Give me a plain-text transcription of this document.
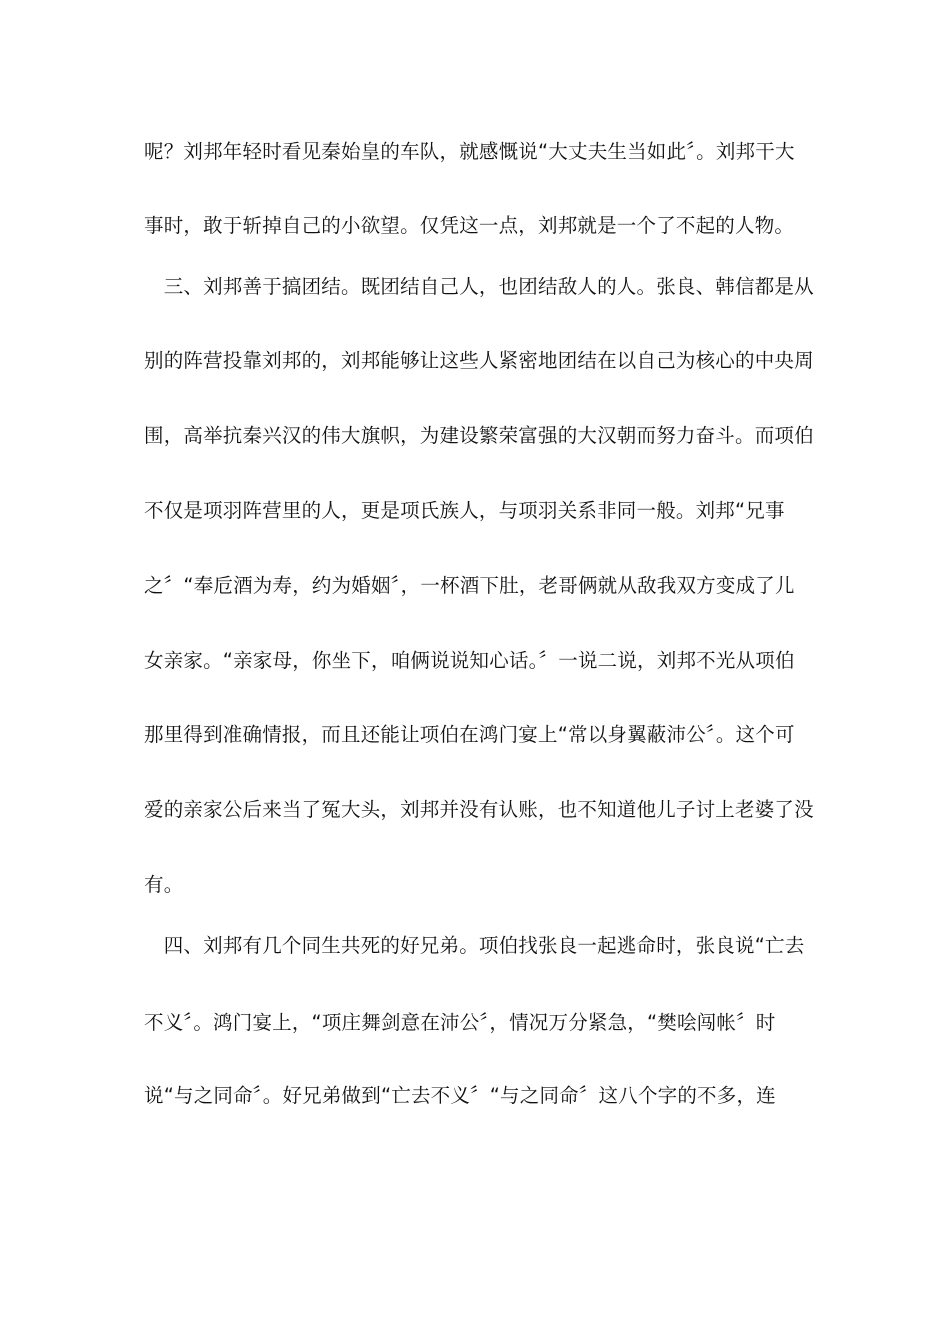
呢？刘邦年轻时看见秦始皇的车队，就感慨说“大丈夫生当如此〞。刘邦干大
事时，敢于斩掉自己的小欲望。仅凭这一点，刘邦就是一个了不起的人物。
　三、刘邦善于搞团结。既团结自己人，也团结敌人的人。张良、韩信都是从
别的阵营投靠刘邦的，刘邦能够让这些人紧密地团结在以自己为核心的中央周
围，高举抗秦兴汉的伟大旗帜，为建设繁荣富强的大汉朝而努力奋斗。而项伯
不仅是项羽阵营里的人，更是项氏族人，与项羽关系非同一般。刘邦“兄事
之〞“奉卮酒为寿，约为婚姻〞，一杯酒下肚，老哥俩就从敌我双方变成了儿
女亲家。“亲家母，你坐下，咱俩说说知心话。〞一说二说，刘邦不光从项伯
那里得到准确情报，而且还能让项伯在鸿门宴上“常以身翼蔽沛公〞。这个可
爱的亲家公后来当了冤大头，刘邦并没有认账，也不知道他儿子讨上老婆了没
有。
　四、刘邦有几个同生共死的好兄弟。项伯找张良一起逃命时，张良说“亡去
不义〞。鸿门宴上，“项庄舞剑意在沛公〞，情况万分紧急，“樊哙闯帐〞时
说“与之同命〞。好兄弟做到“亡去不义〞“与之同命〞这八个字的不多，连
